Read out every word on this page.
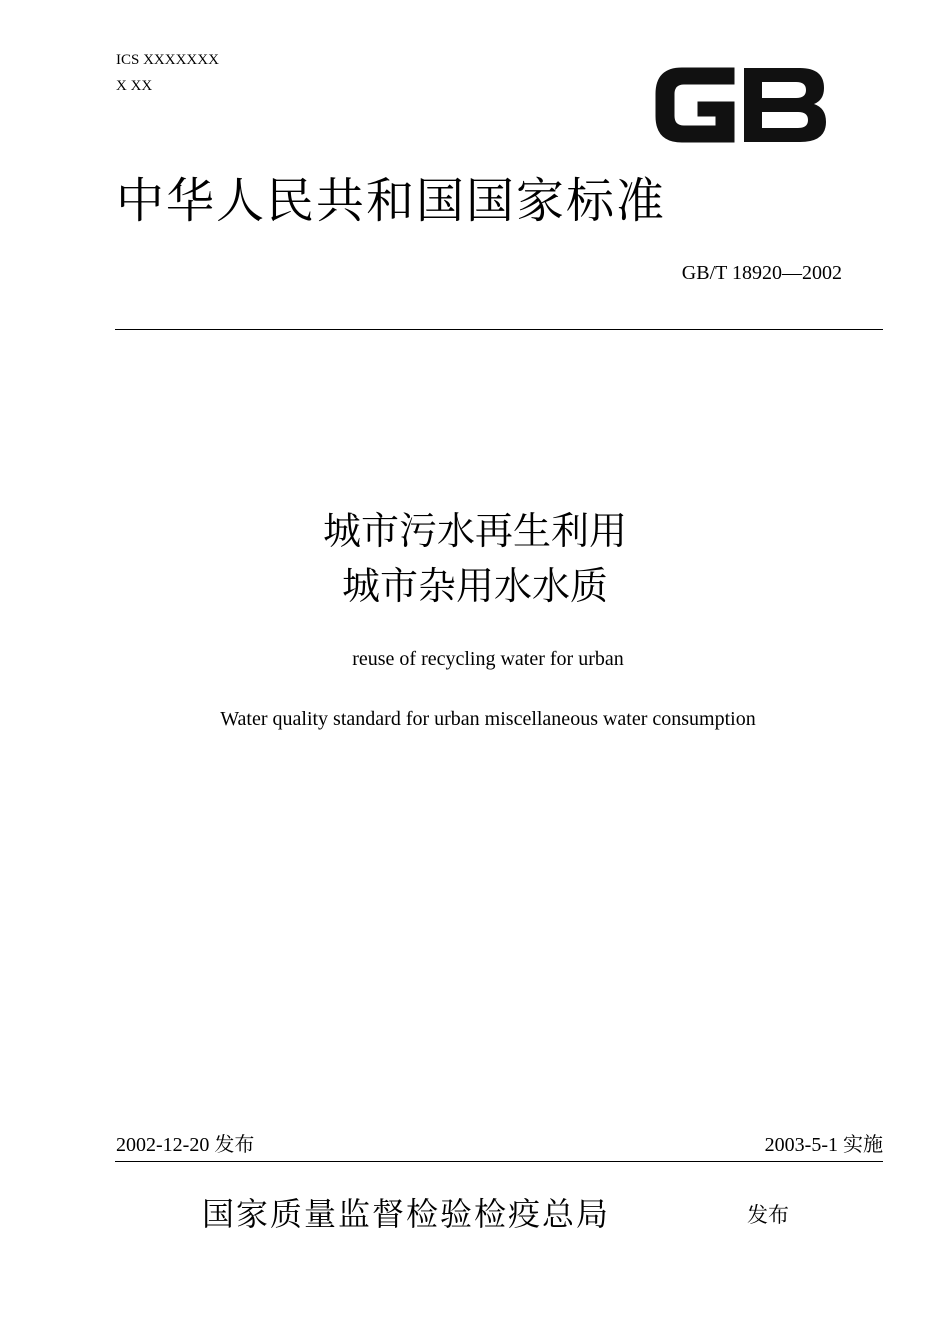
ICS XXXXXXX
X XX
中华人民共和国国家标准
GB/T 18920—2002
城市污水再生利用
城市杂用水水质
reuse of recycling water for urban
Water quality standard for urban miscellaneous water consumption
2002-12-20 发布	2003-5-1 实施
国家质量监督检验检疫总局	发布
